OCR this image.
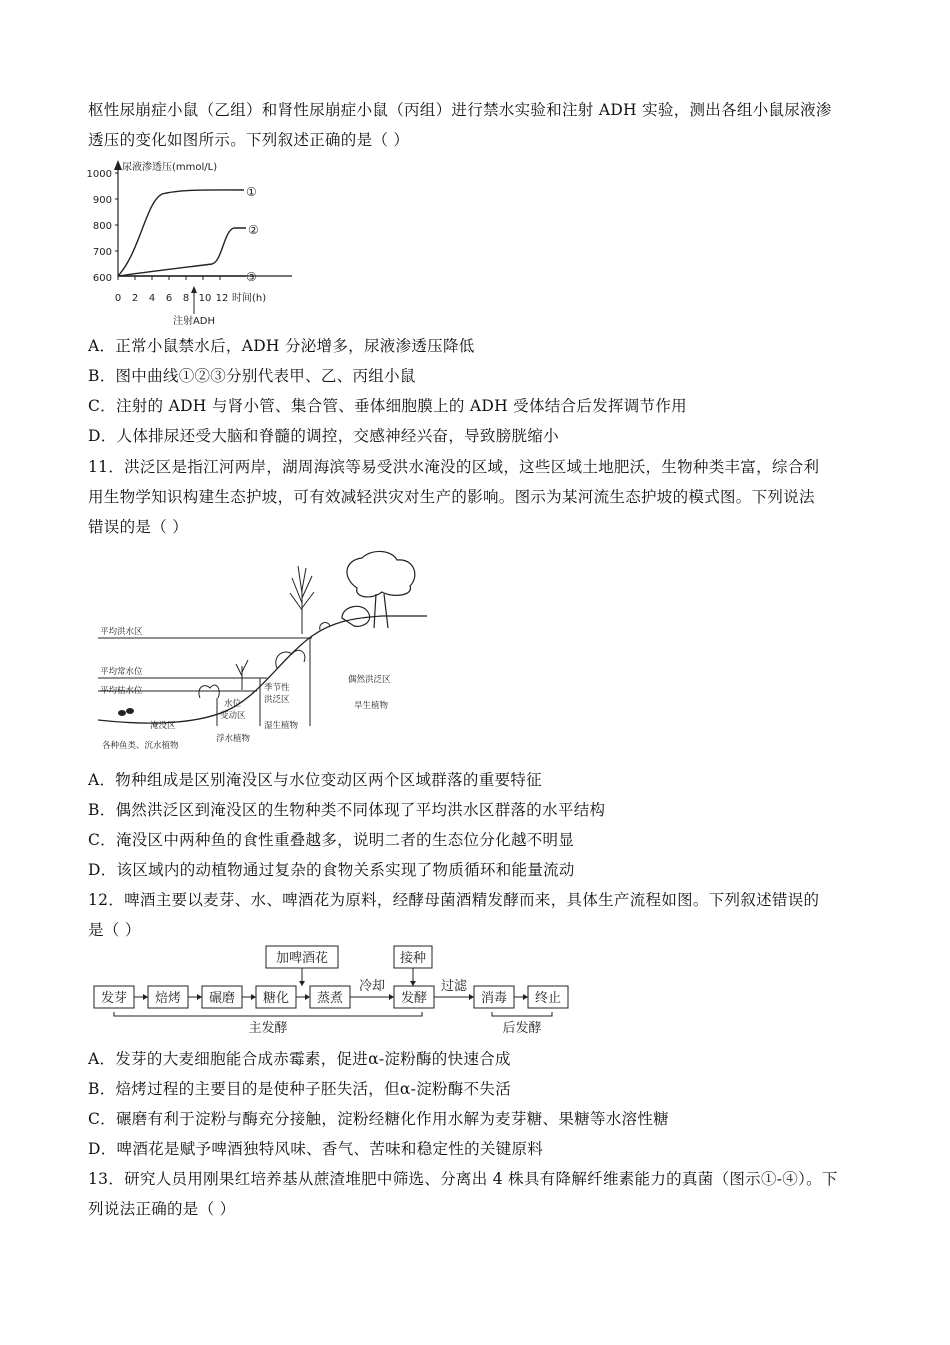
枢性尿崩症小鼠（乙组）和肾性尿崩症小鼠（丙组）进行禁水实验和注射 ADH 实验，测出各组小鼠尿液渗
透压的变化如图所示。下列叙述正确的是（ ）
尿液渗透压(mmol/L)
1000
900
800
700
600
0 2 4 6 8 10 12 时间(h)
注射ADH
①
②
③
A．正常小鼠禁水后，ADH 分泌增多，尿液渗透压降低
B．图中曲线①②③分别代表甲、乙、丙组小鼠
C．注射的 ADH 与肾小管、集合管、垂体细胞膜上的 ADH 受体结合后发挥调节作用
D．人体排尿还受大脑和脊髓的调控，交感神经兴奋，导致膀胱缩小
11．洪泛区是指江河两岸，湖周海滨等易受洪水淹没的区域，这些区域土地肥沃，生物种类丰富，综合利
用生物学知识构建生态护坡，可有效减轻洪灾对生产的影响。图示为某河流生态护坡的模式图。下列说法
错误的是（ ）
平均洪水区
平均常水位
平均枯水位
淹没区
各种鱼类、沉水植物
水位
变动区
浮水植物
季节性
洪泛区
湿生植物
偶然洪泛区
旱生植物
A．物种组成是区别淹没区与水位变动区两个区域群落的重要特征
B．偶然洪泛区到淹没区的生物种类不同体现了平均洪水区群落的水平结构
C．淹没区中两种鱼的食性重叠越多，说明二者的生态位分化越不明显
D．该区域内的动植物通过复杂的食物关系实现了物质循环和能量流动
12．啤酒主要以麦芽、水、啤酒花为原料，经酵母菌酒精发酵而来，具体生产流程如图。下列叙述错误的
是（ ）
加啤酒花	接种
发芽 焙烤 碾磨 糖化 蒸煮	发酵	消毒 终止
冷却	过滤
主发酵	后发酵
A．发芽的大麦细胞能合成赤霉素，促进α-淀粉酶的快速合成
B．焙烤过程的主要目的是使种子胚失活，但α-淀粉酶不失活
C．碾磨有利于淀粉与酶充分接触，淀粉经糖化作用水解为麦芽糖、果糖等水溶性糖
D．啤酒花是赋予啤酒独特风味、香气、苦味和稳定性的关键原料
13．研究人员用刚果红培养基从蔗渣堆肥中筛选、分离出 4 株具有降解纤维素能力的真菌（图示①-④）。下
列说法正确的是（ ）
